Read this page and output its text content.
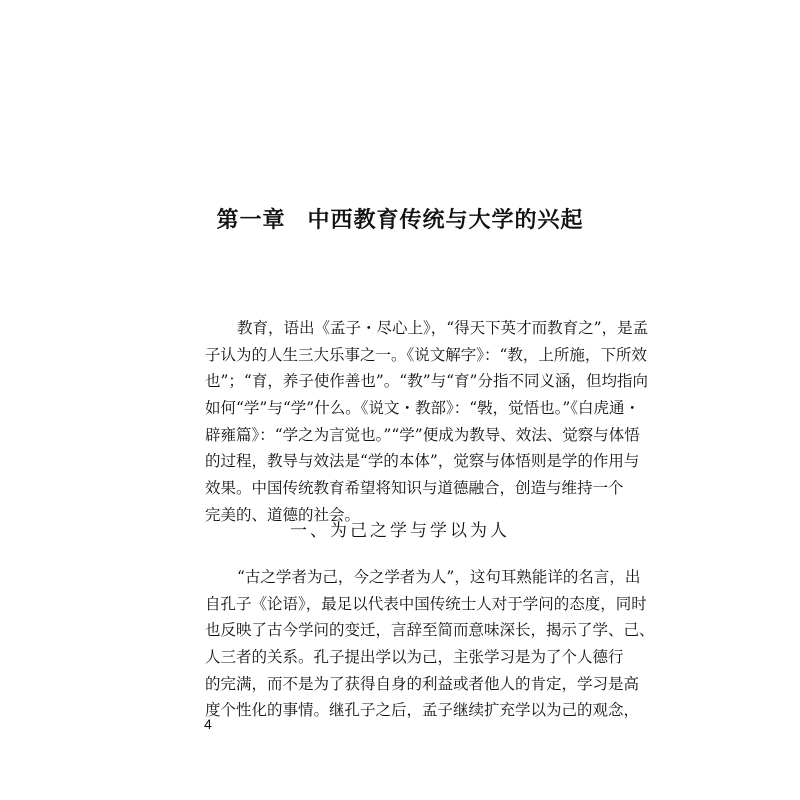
第一章 中西教育传统与大学的兴起
教育，语出《孟子・尽心上》，“得天下英才而教育之”，是孟
子认为的人生三大乐事之一。《说文解字》：“教，上所施，下所效
也”；“育，养子使作善也”。“教”与“育”分指不同义涵，但均指向
如何“学”与“学”什么。《说文・教部》：“斅，觉悟也。”《白虎通・
辟雍篇》：“学之为言觉也。”“学”便成为教导、效法、觉察与体悟
的过程，教导与效法是“学的本体”，觉察与体悟则是学的作用与
效果。中国传统教育希望将知识与道德融合，创造与维持一个
完美的、道德的社会。
一、为己之学与学以为人
“古之学者为己，今之学者为人”，这句耳熟能详的名言，出
自孔子《论语》，最足以代表中国传统士人对于学问的态度，同时
也反映了古今学问的变迁，言辞至简而意味深长，揭示了学、己、
人三者的关系。孔子提出学以为己，主张学习是为了个人德行
的完满，而不是为了获得自身的利益或者他人的肯定，学习是高
度个性化的事情。继孔子之后，孟子继续扩充学以为己的观念，
4
